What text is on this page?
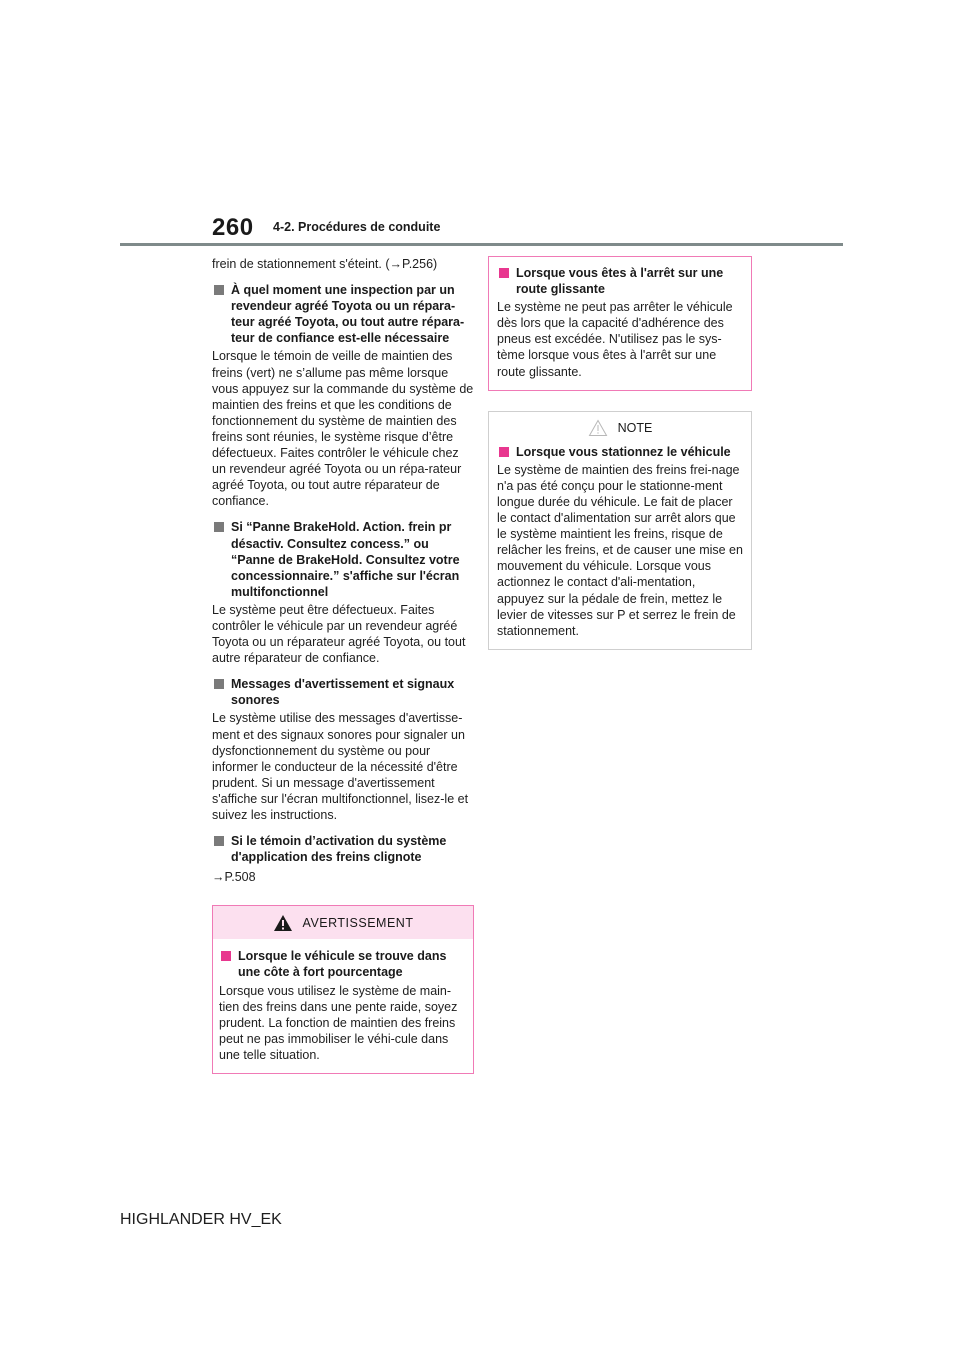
260 4-2. Procédures de conduite

frein de stationnement s'éteint. (→P.256)

À quel moment une inspection par un revendeur agréé Toyota ou un répara-teur agréé Toyota, ou tout autre répara-teur de confiance est-elle nécessaire

Lorsque le témoin de veille de maintien des freins (vert) ne s’allume pas même lorsque vous appuyez sur la commande du système de maintien des freins et que les conditions de fonctionnement du système de maintien des freins sont réunies, le système risque d’être défectueux. Faites contrôler le véhicule chez un revendeur agréé Toyota ou un répa-rateur agréé Toyota, ou tout autre réparateur de confiance.

Si “Panne BrakeHold. Action. frein pr désactiv. Consultez concess.” ou “Panne de BrakeHold. Consultez votre concessionnaire.” s'affiche sur l'écran multifonctionnel

Le système peut être défectueux. Faites contrôler le véhicule par un revendeur agréé Toyota ou un réparateur agréé Toyota, ou tout autre réparateur de confiance.

Messages d'avertissement et signaux sonores

Le système utilise des messages d'avertisse-ment et des signaux sonores pour signaler un dysfonctionnement du système ou pour informer le conducteur de la nécessité d'être prudent. Si un message d'avertissement s'affiche sur l'écran multifonctionnel, lisez-le et suivez les instructions.

Si le témoin d’activation du système d'application des freins clignote

→P.508

AVERTISSEMENT
Lorsque le véhicule se trouve dans une côte à fort pourcentage

Lorsque vous utilisez le système de main-tien des freins dans une pente raide, soyez prudent. La fonction de maintien des freins peut ne pas immobiliser le véhi-cule dans une telle situation.

Lorsque vous êtes à l'arrêt sur une route glissante

Le système ne peut pas arrêter le véhicule dès lors que la capacité d'adhérence des pneus est excédée. N'utilisez pas le sys-tème lorsque vous êtes à l'arrêt sur une route glissante.

NOTE
Lorsque vous stationnez le véhicule

Le système de maintien des freins frei-nage n'a pas été conçu pour le stationne-ment longue durée du véhicule. Le fait de placer le contact d'alimentation sur arrêt alors que le système maintient les freins, risque de relâcher les freins, et de causer une mise en mouvement du véhicule. Lorsque vous actionnez le contact d'ali-mentation, appuyez sur la pédale de frein, mettez le levier de vitesses sur P et serrez le frein de stationnement.

HIGHLANDER HV_EK
